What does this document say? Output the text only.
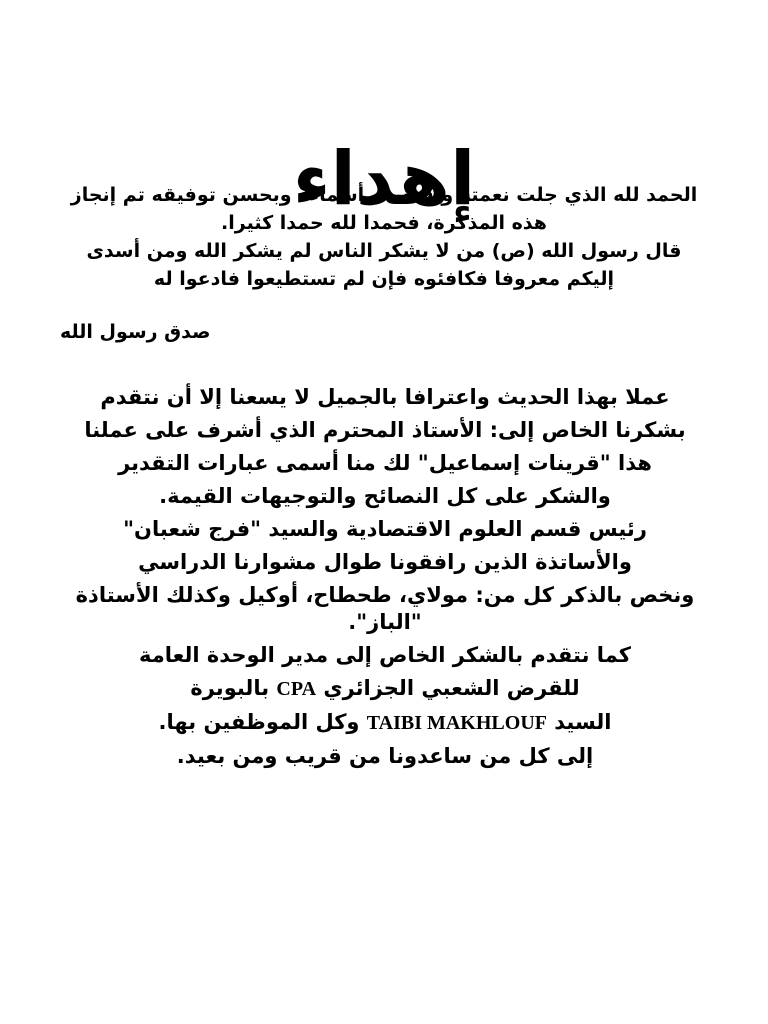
إهداء

الحمد لله الذي جلت نعمته وتقدست أسماءه وبحسن توفيقه تم إنجاز هذه المذكرة، فحمدا لله حمدا كثيرا.

قال رسول الله (ص) من لا يشكر الناس لم يشكر الله ومن أسدى إليكم معروفا فكافئوه فإن لم تستطيعوا فادعوا له

صدق رسول الله

عملا بهذا الحديث واعترافا بالجميل لا يسعنا إلا أن نتقدم

بشكرنا الخاص إلى: الأستاذ المحترم الذي أشرف على عملنا

هذا "قرينات إسماعيل" لك منا أسمى عبارات التقدير

والشكر على كل النصائح والتوجيهات القيمة.

رئيس قسم العلوم الاقتصادية والسيد "فرج شعبان"

والأساتذة الذين رافقونا طوال مشوارنا الدراسي

ونخص بالذكر كل من: مولاي، طحطاح، أوكيل وكذلك الأستاذة "الباز".

كما نتقدم بالشكر الخاص إلى مدير الوحدة العامة

للقرض الشعبي الجزائري CPA بالبويرة

السيد TAIBI MAKHLOUF وكل الموظفين بها.

إلى كل من ساعدونا من قريب ومن بعيد.
